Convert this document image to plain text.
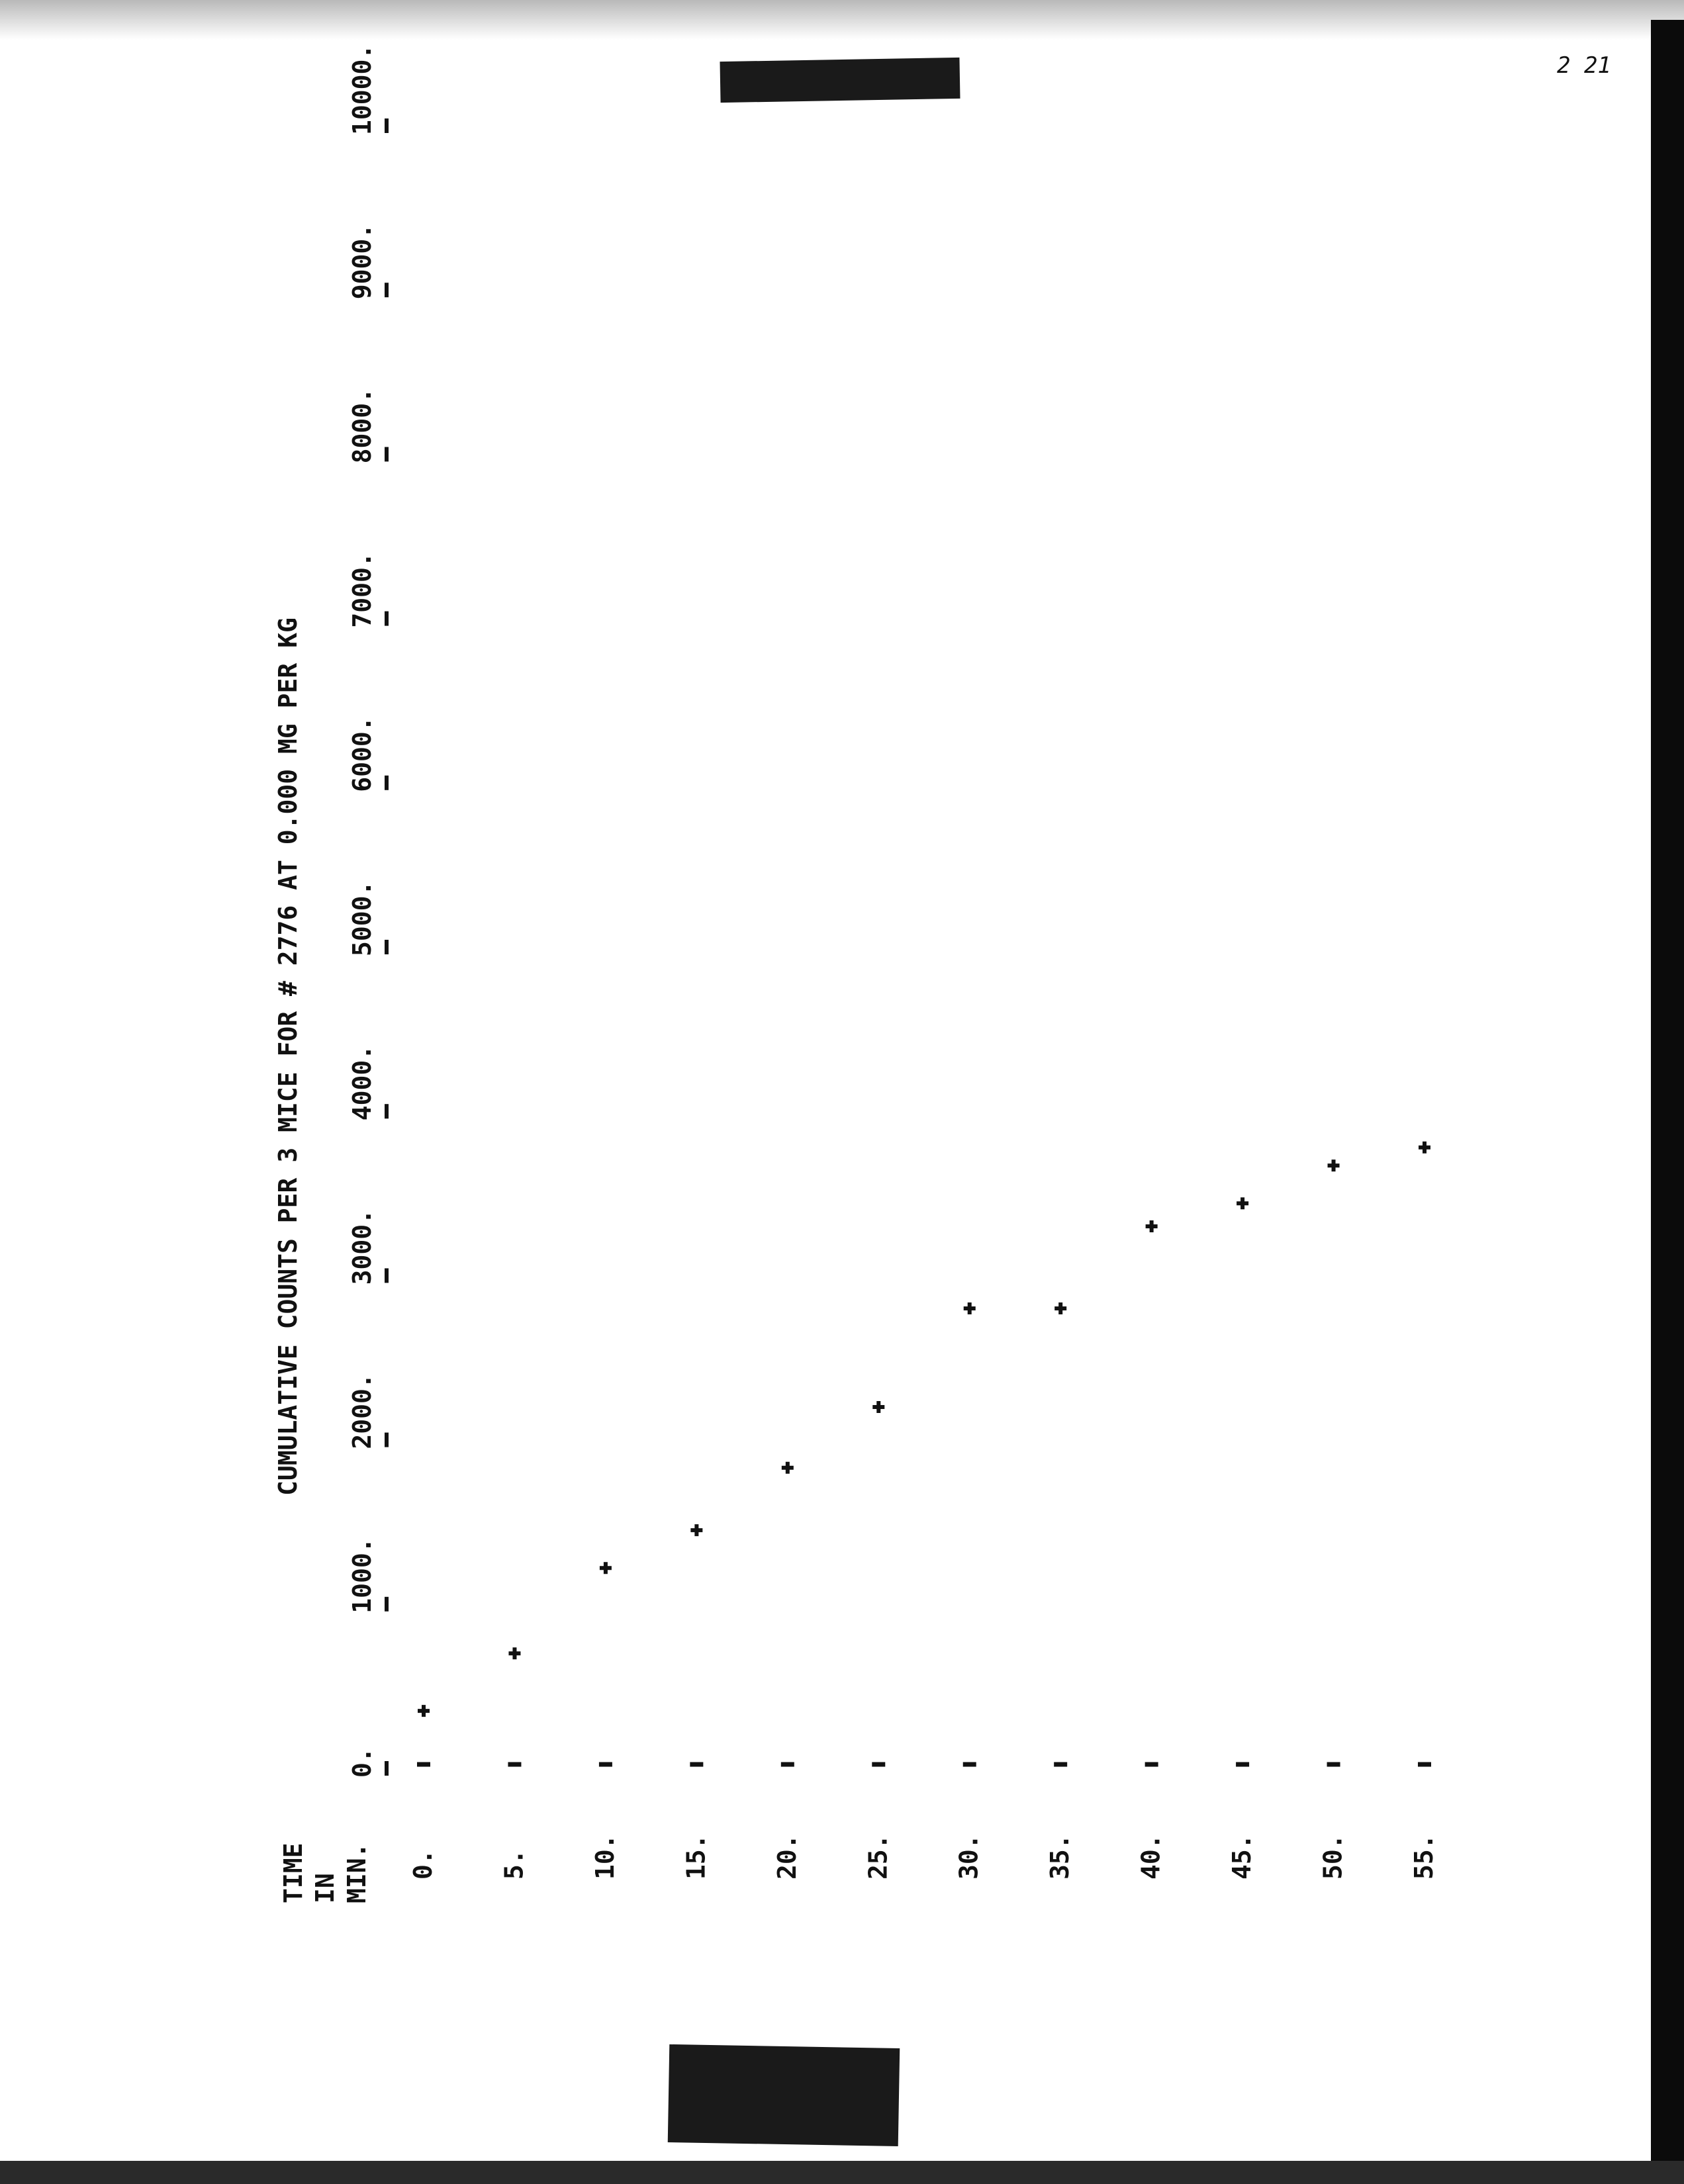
CUMULATIVE COUNTS PER 3 MICE FOR # 2776 AT 0.000 MG PER KG
TIME IN MIN.
0.
1000.
2000.
3000.
4000.
5000.
6000.
7000.
8000.
9000.
10000.
0. 5. 10. 15. 20. 25. 30. 35. 40. 45. 50. 55.
2 21
